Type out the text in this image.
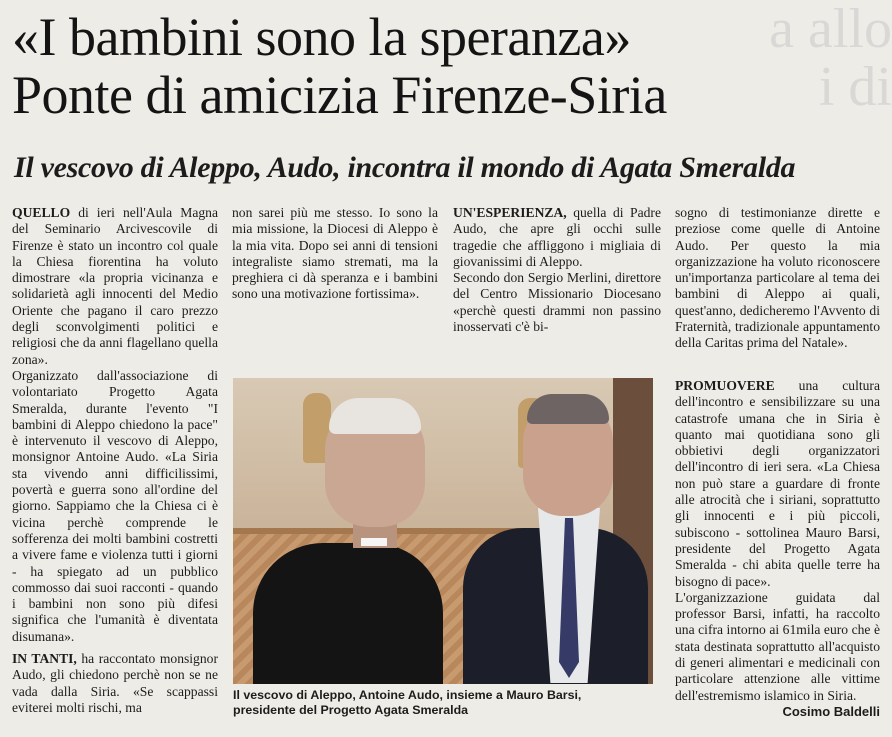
a allo
i di
«I bambini sono la speranza»
Ponte di amicizia Firenze-Siria
Il vescovo di Aleppo, Audo, incontra il mondo di Agata Smeralda

QUELLO di ieri nell'Aula Magna del Seminario Arcivescovile di Firenze è stato un incontro col quale la Chiesa fiorentina ha voluto dimostrare «la propria vicinanza e solidarietà agli innocenti del Medio Oriente che pagano il caro prezzo degli sconvolgimenti politici e religiosi che da anni flagellano quella zona».

Organizzato dall'associazione di volontariato Progetto Agata Smeralda, durante l'evento "I bambini di Aleppo chiedono la pace" è intervenuto il vescovo di Aleppo, monsignor Antoine Audo. «La Siria sta vivendo anni difficilissimi, povertà e guerra sono all'ordine del giorno. Sappiamo che la Chiesa ci è vicina perchè comprende le sofferenza dei molti bambini costretti a vivere fame e violenza tutti i giorni - ha spiegato ad un pubblico commosso dai suoi racconti - quando i bambini non sono più difesi significa che l'umanità è diventata disumana».

IN TANTI, ha raccontato monsignor Audo, gli chiedono perchè non se ne vada dalla Siria. «Se scappassi eviterei molti rischi, ma

non sarei più me stesso. Io sono la mia missione, la Diocesi di Aleppo è la mia vita. Dopo sei anni di tensioni integraliste siamo stremati, ma la preghiera ci dà speranza e i bambini sono una motivazione fortissima».

UN'ESPERIENZA, quella di Padre Audo, che apre gli occhi sulle tragedie che affliggono i migliaia di giovanissimi di Aleppo.

Secondo don Sergio Merlini, direttore del Centro Missionario Diocesano «perchè questi drammi non passino inosservati c'è bi-

sogno di testimonianze dirette e preziose come quelle di Antoine Audo. Per questo la mia organizzazione ha voluto riconoscere un'importanza particolare al tema dei bambini di Aleppo ai quali, quest'anno, dedicheremo l'Avvento di Fraternità, tradizionale appuntamento della Caritas prima del Natale».

PROMUOVERE una cultura dell'incontro e sensibilizzare su una catastrofe umana che in Siria è quanto mai quotidiana sono gli obbietivi degli organizzatori dell'incontro di ieri sera. «La Chiesa non può stare a guardare di fronte alle atrocità che i siriani, soprattutto gli innocenti e i più piccoli, subiscono - sottolinea Mauro Barsi, presidente del Progetto Agata Smeralda - chi abita quelle terre ha bisogno di pace».

L'organizzazione guidata dal professor Barsi, infatti, ha raccolto una cifra intorno ai 61mila euro che è stata destinata soprattutto all'acquisto di generi alimentari e medicinali con particolare attenzione alle vittime dell'estremismo islamico in Siria.

Cosimo Baldelli

Il vescovo di Aleppo, Antoine Audo, insieme a Mauro Barsi,
presidente del Progetto Agata Smeralda
